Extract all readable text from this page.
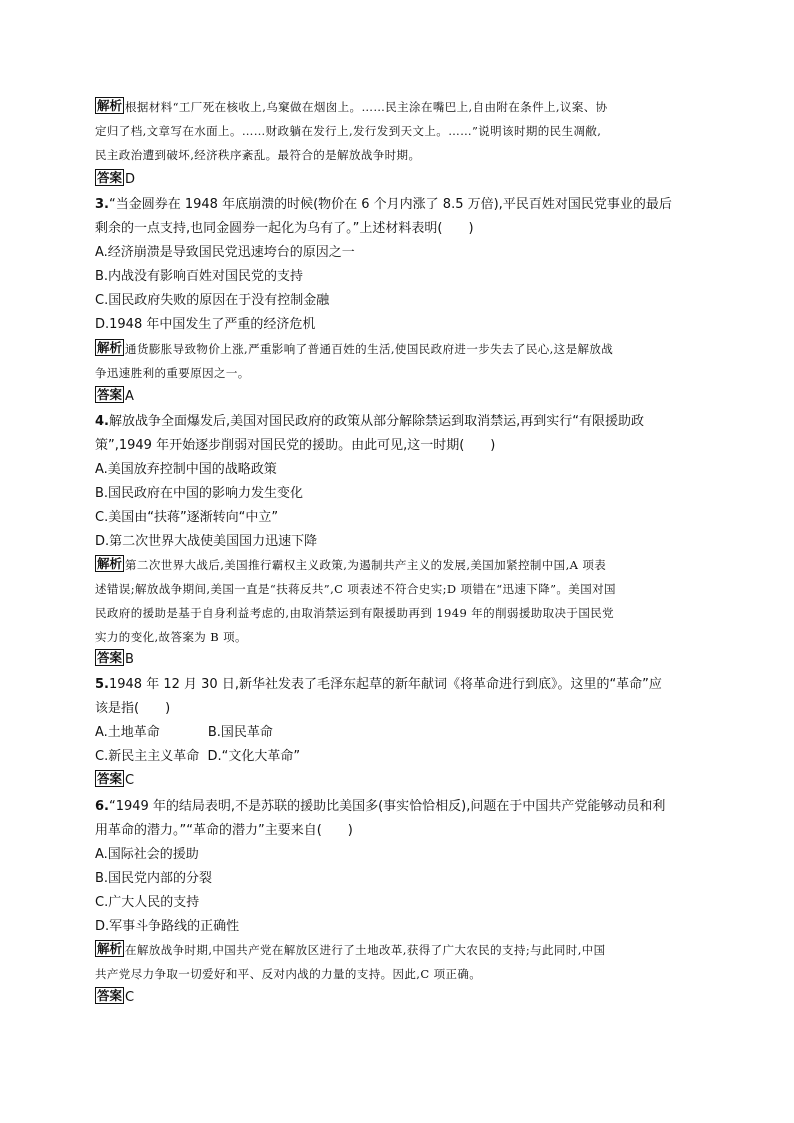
解析 根据材料“工厂死在核收上,乌窠做在烟囱上。……民主涂在嘴巴上,自由附在条件上,议案、协
定归了档,文章写在水面上。……财政躺在发行上,发行发到天文上。……”说明该时期的民生凋敝,
民主政治遭到破坏,经济秩序紊乱。最符合的是解放战争时期。
答案 D
3.“当金圆券在 1948 年底崩溃的时候(物价在 6 个月内涨了 8.5 万倍),平民百姓对国民党事业的最后
剩余的一点支持,也同金圆券一起化为乌有了。”上述材料表明(　　)
A.经济崩溃是导致国民党迅速垮台的原因之一
B.内战没有影响百姓对国民党的支持
C.国民政府失败的原因在于没有控制金融
D.1948 年中国发生了严重的经济危机
解析 通货膨胀导致物价上涨,严重影响了普通百姓的生活,使国民政府进一步失去了民心,这是解放战
争迅速胜利的重要原因之一。
答案 A
4.解放战争全面爆发后,美国对国民政府的政策从部分解除禁运到取消禁运,再到实行“有限援助政
策”,1949 年开始逐步削弱对国民党的援助。由此可见,这一时期(　　)
A.美国放弃控制中国的战略政策
B.国民政府在中国的影响力发生变化
C.美国由“扶蒋”逐渐转向“中立”
D.第二次世界大战使美国国力迅速下降
解析 第二次世界大战后,美国推行霸权主义政策,为遏制共产主义的发展,美国加紧控制中国,A 项表
述错误;解放战争期间,美国一直是“扶蒋反共”,C 项表述不符合史实;D 项错在“迅速下降”。美国对国
民政府的援助是基于自身利益考虑的,由取消禁运到有限援助再到 1949 年的削弱援助取决于国民党
实力的变化,故答案为 B 项。
答案 B
5.1948 年 12 月 30 日,新华社发表了毛泽东起草的新年献词《将革命进行到底》。这里的“革命”应
该是指(　　)
A.土地革命	B.国民革命
C.新民主主义革命 D.“文化大革命”
答案 C
6.“1949 年的结局表明,不是苏联的援助比美国多(事实恰恰相反),问题在于中国共产党能够动员和利
用革命的潜力。”“革命的潜力”主要来自(　　)
A.国际社会的援助
B.国民党内部的分裂
C.广大人民的支持
D.军事斗争路线的正确性
解析 在解放战争时期,中国共产党在解放区进行了土地改革,获得了广大农民的支持;与此同时,中国
共产党尽力争取一切爱好和平、反对内战的力量的支持。因此,C 项正确。
答案 C
